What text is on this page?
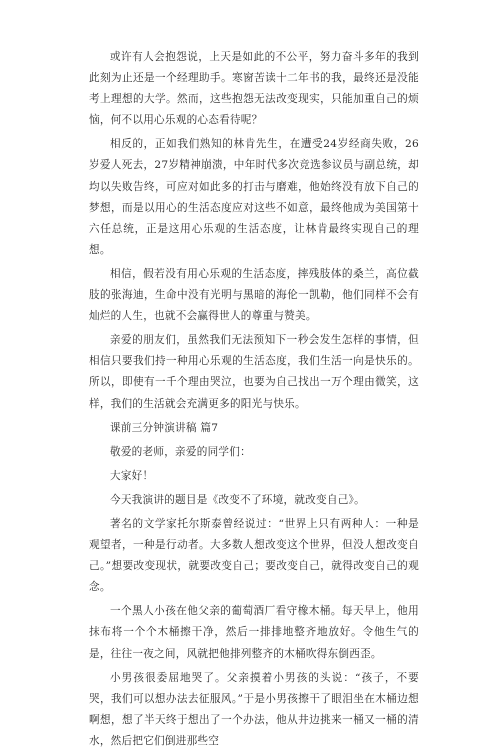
或许有人会抱怨说，上天是如此的不公平，努力奋斗多年的我到此刻为止还是一个经理助手。寒窗苦读十二年书的我，最终还是没能考上理想的大学。然而，这些抱怨无法改变现实，只能加重自己的烦恼，何不以用心乐观的心态看待呢？

相反的，正如我们熟知的林肯先生，在遭受24岁经商失败，26岁爱人死去，27岁精神崩溃，中年时代多次竞选参议员与副总统，却均以失败告终，可应对如此多的打击与磨难，他始终没有放下自己的梦想，而是以用心的生活态度应对这些不如意，最终他成为美国第十六任总统，正是这用心乐观的生活态度，让林肯最终实现自己的理想。

相信，假若没有用心乐观的生活态度，摔残肢体的桑兰，高位截肢的张海迪，生命中没有光明与黑暗的海伦一凯勒，他们同样不会有灿烂的人生，也就不会赢得世人的尊重与赞美。

亲爱的朋友们，虽然我们无法预知下一秒会发生怎样的事情，但相信只要我们持一种用心乐观的生活态度，我们生活一向是快乐的。所以，即使有一千个理由哭泣，也要为自己找出一万个理由微笑，这样，我们的生活就会充满更多的阳光与快乐。

课前三分钟演讲稿 篇7

敬爱的老师，亲爱的同学们：

大家好！

今天我演讲的题目是《改变不了环境，就改变自己》。

著名的文学家托尔斯泰曾经说过：“世界上只有两种人：一种是观望者，一种是行动者。大多数人想改变这个世界，但没人想改变自己。”想要改变现状，就要改变自己；要改变自己，就得改变自己的观念。

一个黑人小孩在他父亲的葡萄酒厂看守橡木桶。每天早上，他用抹布将一个个木桶擦干净，然后一排排地整齐地放好。令他生气的是，往往一夜之间，风就把他排列整齐的木桶吹得东倒西歪。

小男孩很委屈地哭了。父亲摸着小男孩的头说：“孩子，不要哭，我们可以想办法去征服风。”于是小男孩擦干了眼泪坐在木桶边想啊想，想了半天终于想出了一个办法，他从井边挑来一桶又一桶的清水，然后把它们倒进那些空
